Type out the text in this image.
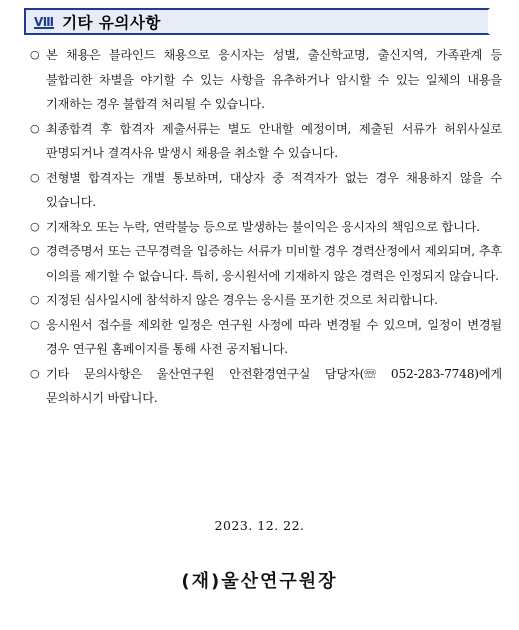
Ⅷ 기타 유의사항
○ 본 채용은 블라인드 채용으로 응시자는 성별, 출신학교명, 출신지역, 가족관계 등 불합리한 차별을 야기할 수 있는 사항을 유추하거나 암시할 수 있는 일체의 내용을 기재하는 경우 불합격 처리될 수 있습니다.
○ 최종합격 후 합격자 제출서류는 별도 안내할 예정이며, 제출된 서류가 허위사실로 판명되거나 결격사유 발생시 채용을 취소할 수 있습니다.
○ 전형별 합격자는 개별 통보하며, 대상자 중 적격자가 없는 경우 채용하지 않을 수 있습니다.
○ 기재착오 또는 누락, 연락불능 등으로 발생하는 불이익은 응시자의 책임으로 합니다.
○ 경력증명서 또는 근무경력을 입증하는 서류가 미비할 경우 경력산정에서 제외되며, 추후 이의를 제기할 수 없습니다. 특히, 응시원서에 기재하지 않은 경력은 인정되지 않습니다.
○ 지정된 심사일시에 참석하지 않은 경우는 응시를 포기한 것으로 처리합니다.
○ 응시원서 접수를 제외한 일정은 연구원 사정에 따라 변경될 수 있으며, 일정이 변경될 경우 연구원 홈페이지를 통해 사전 공지됩니다.
○ 기타 문의사항은 울산연구원 안전환경연구실 담당자(☏ 052-283-7748)에게 문의하시기 바랍니다.
2023. 12. 22.
(재)울산연구원장
